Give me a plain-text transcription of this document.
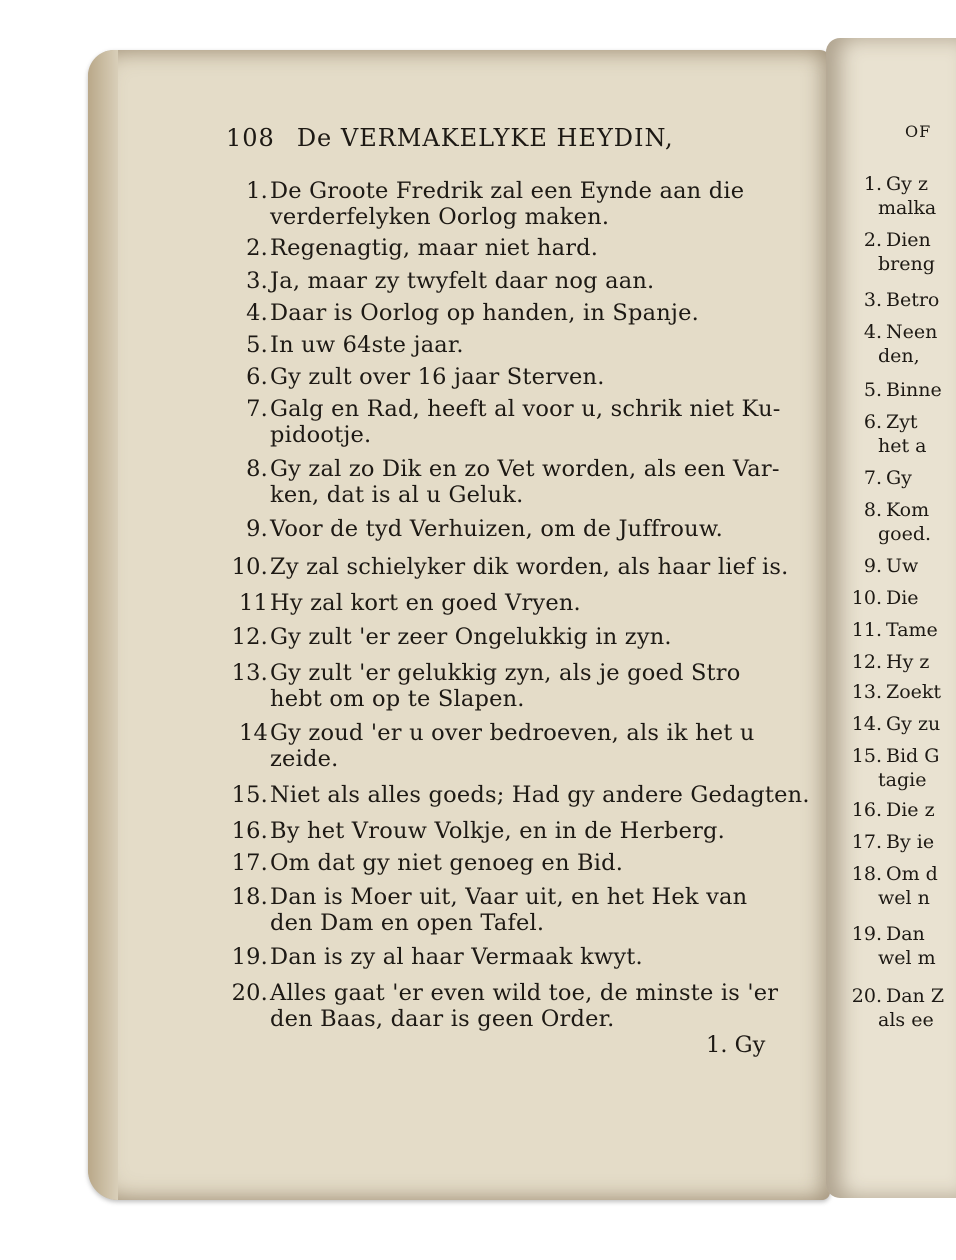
108 De VERMAKELYKE HEYDIN,
1. De Groote Fredrik zal een Eynde aan die
verderfelyken Oorlog maken.
2. Regenagtig, maar niet hard.
3. Ja, maar zy twyfelt daar nog aan.
4. Daar is Oorlog op handen, in Spanje.
5. In uw 64ste jaar.
6. Gy zult over 16 jaar Sterven.
7. Galg en Rad, heeft al voor u, schrik niet Ku-
pidootje.
8. Gy zal zo Dik en zo Vet worden, als een Var-
ken, dat is al u Geluk.
9. Voor de tyd Verhuizen, om de Juffrouw.
10. Zy zal schielyker dik worden, als haar lief is.
11 Hy zal kort en goed Vryen.
12. Gy zult 'er zeer Ongelukkig in zyn.
13. Gy zult 'er gelukkig zyn, als je goed Stro
hebt om op te Slapen.
14 Gy zoud 'er u over bedroeven, als ik het u
zeide.
15. Niet als alles goeds; Had gy andere Gedagten.
16. By het Vrouw Volkje, en in de Herberg.
17. Om dat gy niet genoeg en Bid.
18. Dan is Moer uit, Vaar uit, en het Hek van
den Dam en open Tafel.
19. Dan is zy al haar Vermaak kwyt.
20. Alles gaat 'er even wild toe, de minste is 'er
den Baas, daar is geen Order.
1. Gy
OF
1. Gy z
malka
2. Dien
breng
3. Betro
4. Neen
den,
5. Binne
6. Zyt
het a
7. Gy
8. Kom
goed.
9. Uw
10. Die
11. Tame
12. Hy z
13. Zoekt
14. Gy zu
15. Bid G
tagie
16. Die z
17. By ie
18. Om d
wel n
19. Dan
wel m
20. Dan Z
als ee
